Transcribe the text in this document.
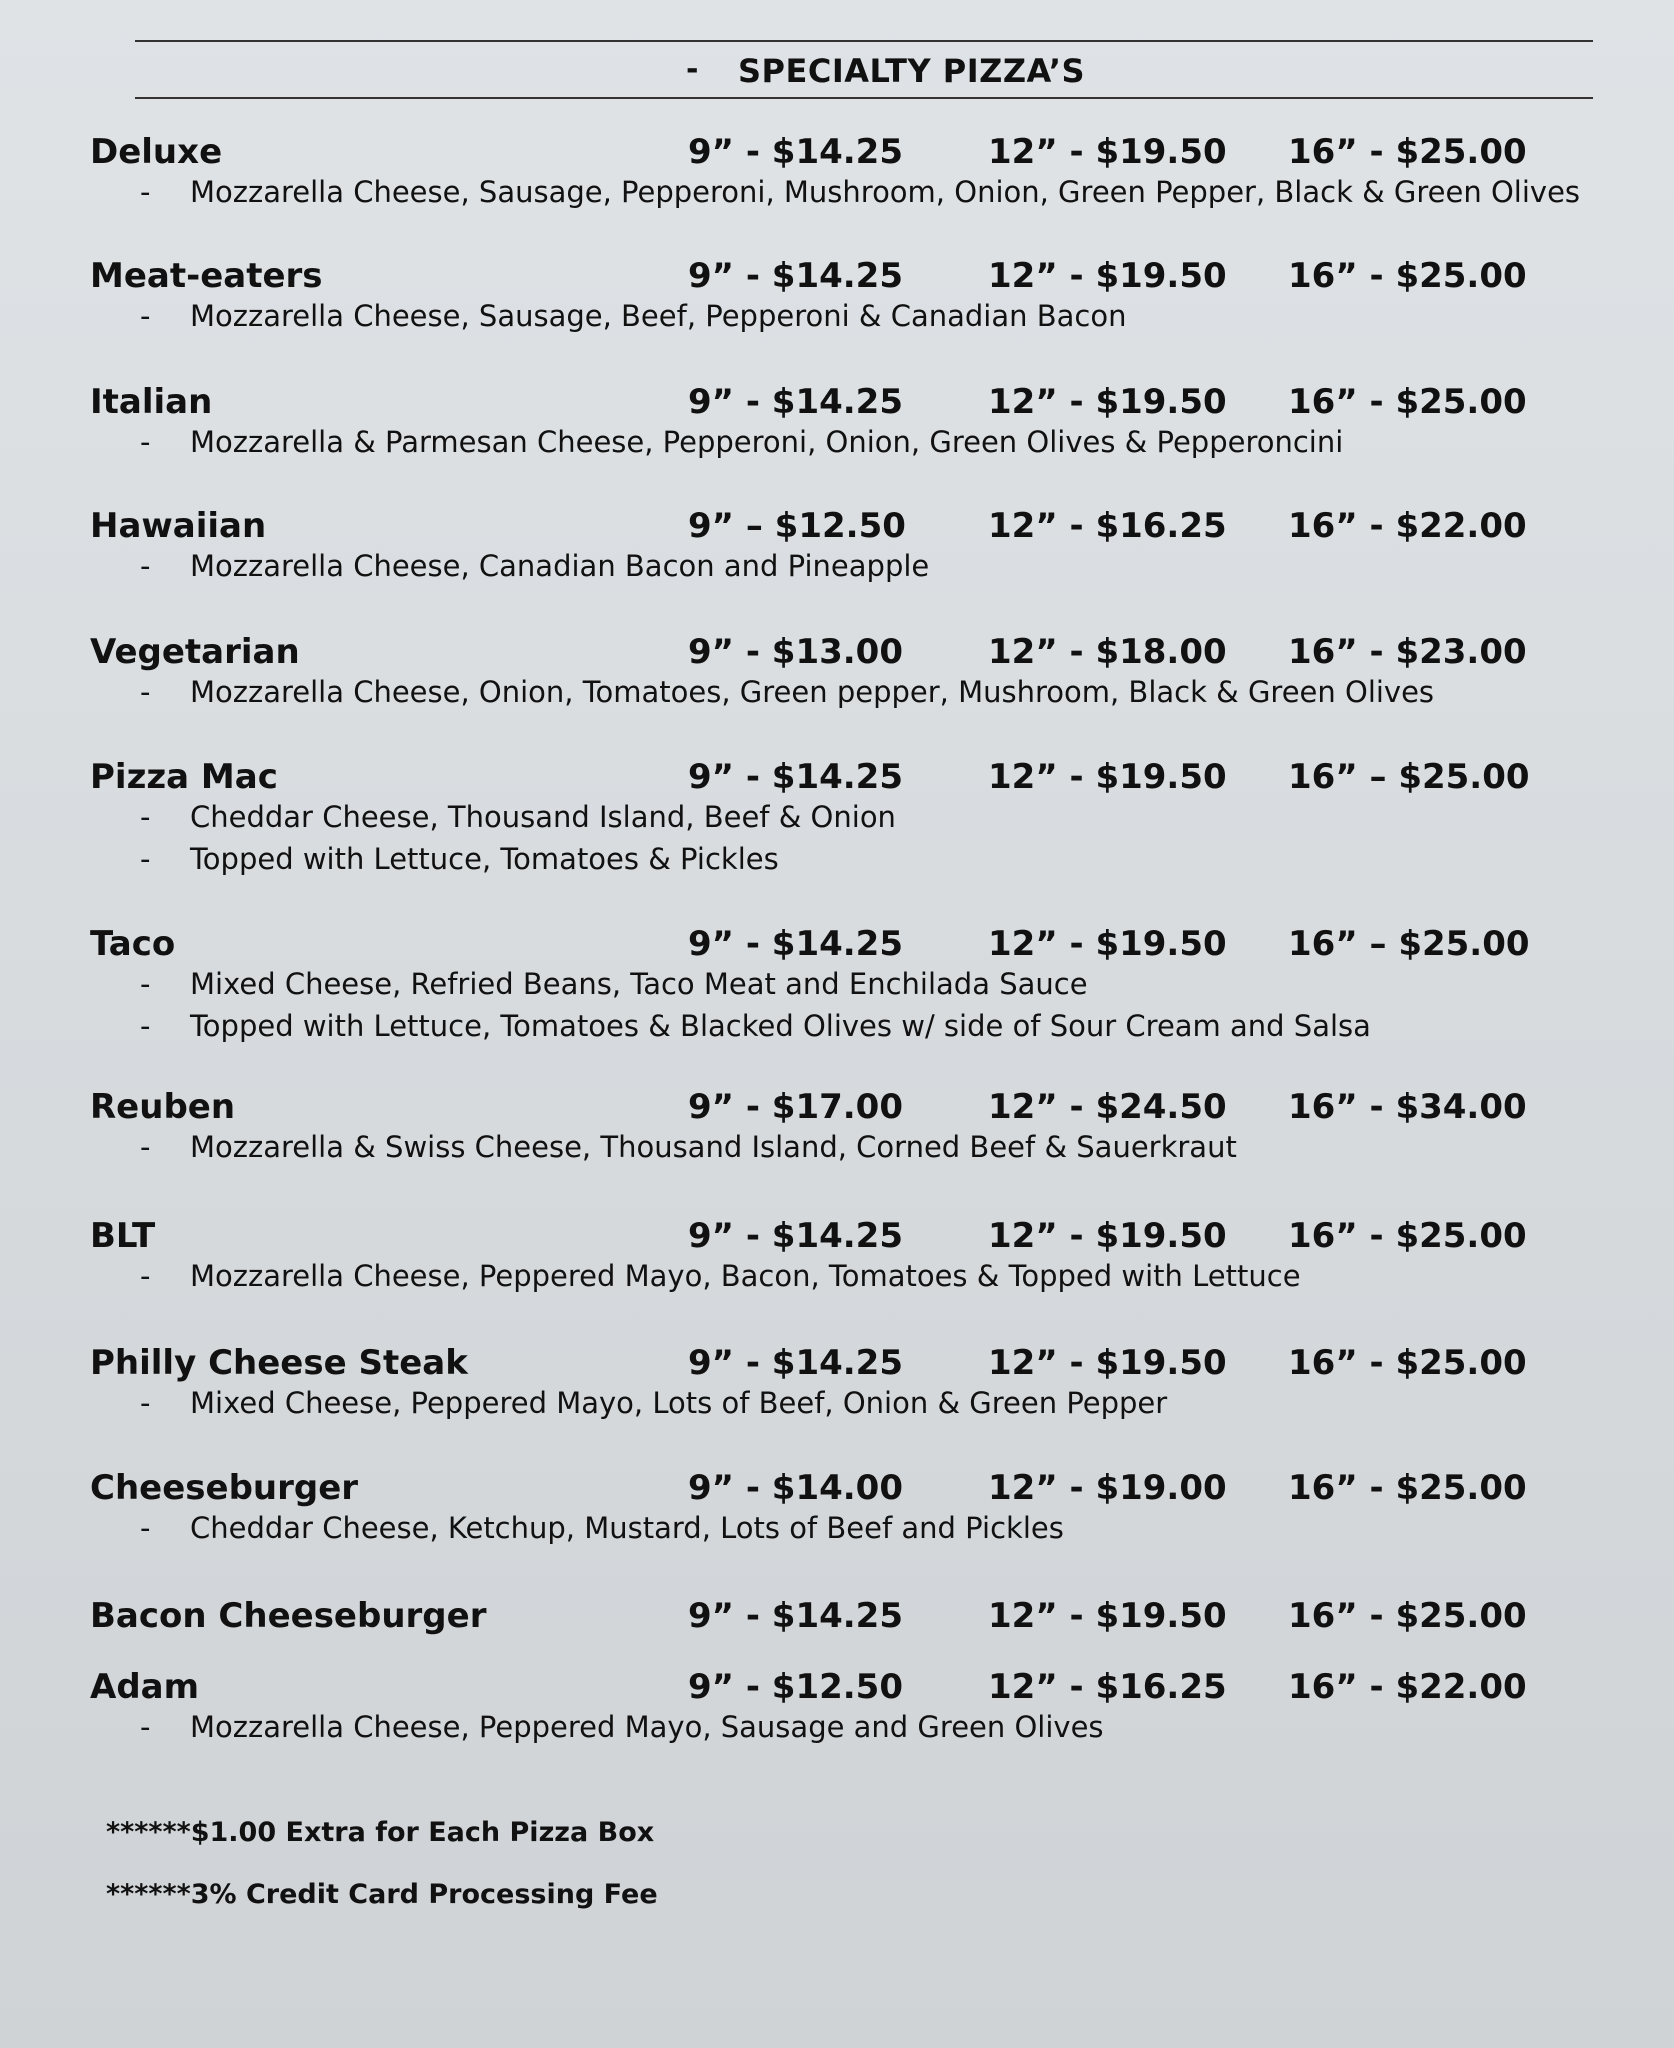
- SPECIALTY PIZZA’S
Deluxe	9” - $14.25	12” - $19.50 16” - $25.00
- Mozzarella Cheese, Sausage, Pepperoni, Mushroom, Onion, Green Pepper, Black & Green Olives
Meat-eaters	9” - $14.25	12” - $19.50 16” - $25.00
- Mozzarella Cheese, Sausage, Beef, Pepperoni & Canadian Bacon
Italian	9” - $14.25	12” - $19.50 16” - $25.00
- Mozzarella & Parmesan Cheese, Pepperoni, Onion, Green Olives & Pepperoncini
Hawaiian	9” – $12.50 12” - $16.25 16” - $22.00
- Mozzarella Cheese, Canadian Bacon and Pineapple
Vegetarian	9” - $13.00	12” - $18.00 16” - $23.00
- Mozzarella Cheese, Onion, Tomatoes, Green pepper, Mushroom, Black & Green Olives
Pizza Mac	9” - $14.25	12” - $19.50 16” – $25.00
- Cheddar Cheese, Thousand Island, Beef & Onion
- Topped with Lettuce, Tomatoes & Pickles
Taco	9” - $14.25	12” - $19.50 16” – $25.00
- Mixed Cheese, Refried Beans, Taco Meat and Enchilada Sauce
- Topped with Lettuce, Tomatoes & Blacked Olives w/ side of Sour Cream and Salsa
Reuben	9” - $17.00	12” - $24.50 16” - $34.00
- Mozzarella & Swiss Cheese, Thousand Island, Corned Beef & Sauerkraut
BLT	9” - $14.25	12” - $19.50 16” - $25.00
- Mozzarella Cheese, Peppered Mayo, Bacon, Tomatoes & Topped with Lettuce
Philly Cheese Steak	9” - $14.25	12” - $19.50 16” - $25.00
- Mixed Cheese, Peppered Mayo, Lots of Beef, Onion & Green Pepper
Cheeseburger	9” - $14.00	12” - $19.00 16” - $25.00
- Cheddar Cheese, Ketchup, Mustard, Lots of Beef and Pickles
Bacon Cheeseburger	9” - $14.25	12” - $19.50 16” - $25.00
Adam	9” - $12.50	12” - $16.25 16” - $22.00
- Mozzarella Cheese, Peppered Mayo, Sausage and Green Olives
******$1.00 Extra for Each Pizza Box
******3% Credit Card Processing Fee
